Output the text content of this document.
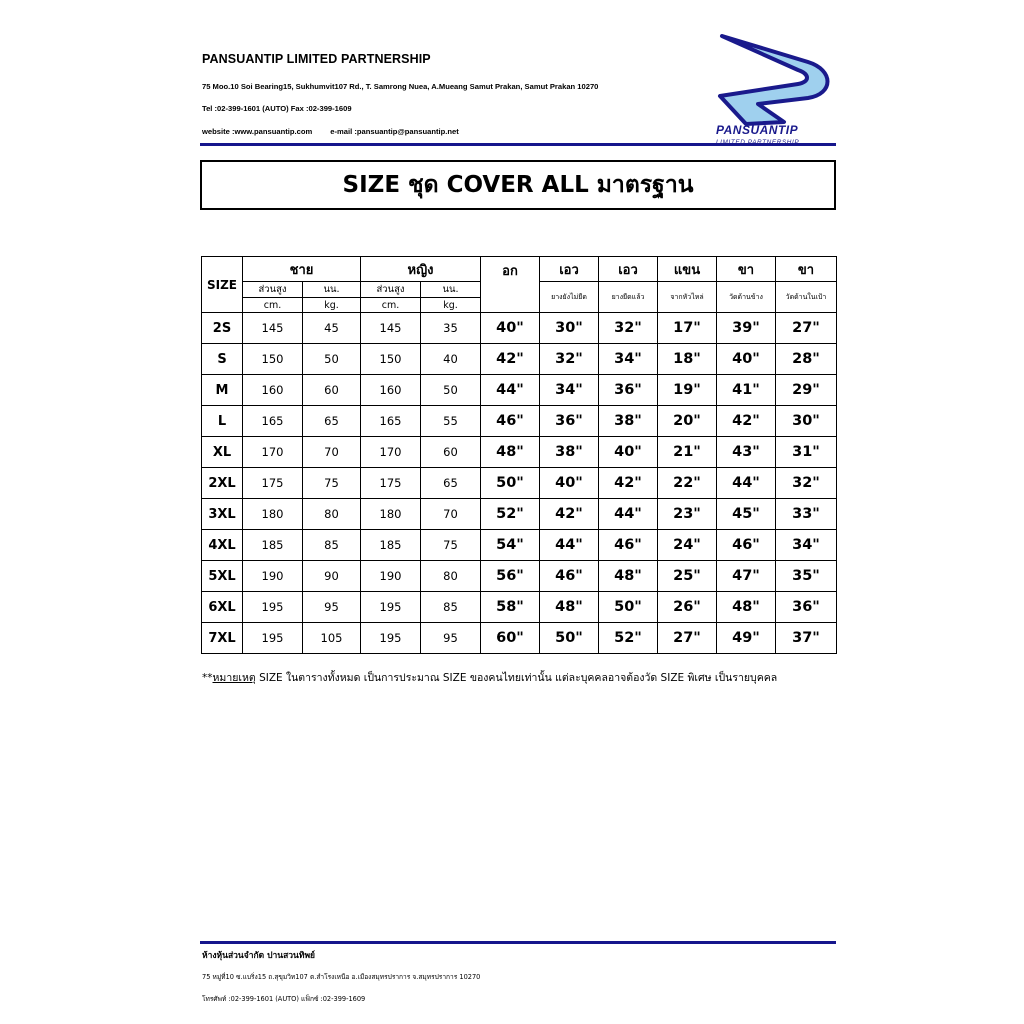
PANSUANTIP LIMITED PARTNERSHIP
75 Moo.10 Soi Bearing15, Sukhumvit107 Rd., T. Samrong Nuea, A.Mueang Samut Prakan, Samut Prakan 10270
Tel :02-399-1601 (AUTO) Fax :02-399-1609
website :www.pansuantip.com e-mail :pansuantip@pansuantip.net	PANSUANTIP
LIMITED PARTNERSHIP
SIZE ชุด COVER ALL มาตรฐาน
SIZE	ชาย		หญิง		อก	เอว	เอว	แขน	ขา	ขา
	ส่วนสูง	นน.	ส่วนสูง	นน.		ยางยังไม่ยืด	ยางยืดแล้ว	จากหัวไหล่	วัดด้านข้าง	วัดด้านในเป้า
	cm.	kg.	cm.	kg.						
2S	145	45	145	35	40"	30"	32"	17"	39"	27"
S	150	50	150	40	42"	32"	34"	18"	40"	28"
M	160	60	160	50	44"	34"	36"	19"	41"	29"
L	165	65	165	55	46"	36"	38"	20"	42"	30"
XL	170	70	170	60	48"	38"	40"	21"	43"	31"
2XL	175	75	175	65	50"	40"	42"	22"	44"	32"
3XL	180	80	180	70	52"	42"	44"	23"	45"	33"
4XL	185	85	185	75	54"	44"	46"	24"	46"	34"
5XL	190	90	190	80	56"	46"	48"	25"	47"	35"
6XL	195	95	195	85	58"	48"	50"	26"	48"	36"
7XL	195	105	195	95	60"	50"	52"	27"	49"	37"
**หมายเหตุ SIZE ในตารางทั้งหมด เป็นการประมาณ SIZE ของคนไทยเท่านั้น แต่ละบุคคลอาจต้องวัด SIZE พิเศษ เป็นรายบุคคล
ห้างหุ้นส่วนจำกัด ปานสวนทิพย์
75 หมู่ที่10 ซ.แบริ่ง15 ถ.สุขุมวิท107 ต.สำโรงเหนือ อ.เมืองสมุทรปราการ จ.สมุทรปราการ 10270
โทรศัพท์ :02-399-1601 (AUTO) แฟ็กซ์ :02-399-1609
